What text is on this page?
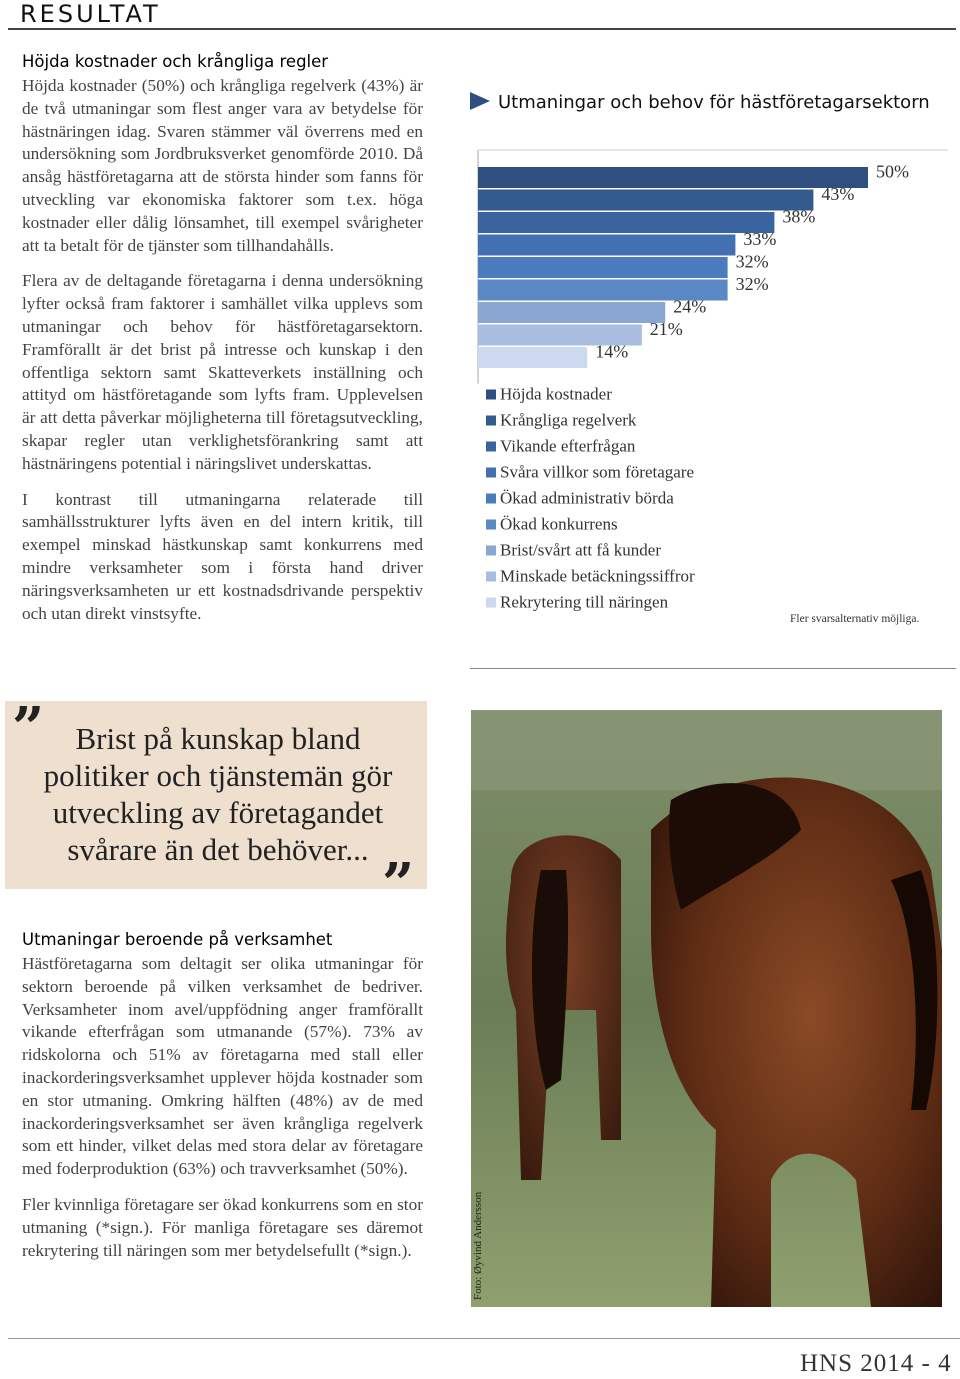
RESULTAT
Höjda kostnader och krångliga regler

Höjda kostnader (50%) och krångliga regelverk (43%) är de två utmaningar som flest anger vara av betydelse för hästnäringen idag. Svaren stämmer väl överrens med en undersökning som Jordbruksverket genomförde 2010. Då ansåg hästföretagarna att de största hinder som fanns för utveckling var ekonomiska faktorer som t.ex. höga kostnader eller dålig lönsamhet, till exempel svårigheter att ta betalt för de tjänster som tillhandahålls.

Flera av de deltagande företagarna i denna undersökning lyfter också fram faktorer i samhället vilka upplevs som utmaningar och behov för hästföretagarsektorn. Framförallt är det brist på intresse och kunskap i den offentliga sektorn samt Skatteverkets inställning och attityd om hästföretagande som lyfts fram. Upplevelsen är att detta påverkar möjligheterna till företagsutveckling, skapar regler utan verklighetsförankring samt att hästnäringens potential i näringslivet underskattas.

I kontrast till utmaningarna relaterade till samhällsstrukturer lyfts även en del intern kritik, till exempel minskad hästkunskap samt konkurrens med mindre verksamheter som i första hand driver näringsverksamheten ur ett kostnadsdrivande perspektiv och utan direkt vinstsyfte.

Utmaningar och behov för hästföretagarsektorn
50%
43%
38%
33%
32%
32%
24%
21%
14%
Höjda kostnader
Krångliga regelverk
Vikande efterfrågan
Svåra villkor som företagare
Ökad administrativ börda
Ökad konkurrens
Brist/svårt att få kunder
Minskade betäckningssiffror
Rekrytering till näringen
Fler svarsalternativ möjliga.
”	Brist på kunskap bland politiker och tjänstemän gör utveckling av företagandet svårare än det behöver...
”
Utmaningar beroende på verksamhet

Hästföretagarna som deltagit ser olika utmaningar för sektorn beroende på vilken verksamhet de bedriver. Verksamheter inom avel/uppfödning anger framförallt vikande efterfrågan som utmanande (57%). 73% av ridskolorna och 51% av företagarna med stall eller inackorderingsverksamhet upplever höjda kostnader som en stor utmaning. Omkring hälften (48%) av de med inackorderingsverksamhet ser även krångliga regelverk som ett hinder, vilket delas med stora delar av företagare med foderproduktion (63%) och travverksamhet (50%).

Fler kvinnliga företagare ser ökad konkurrens som en stor utmaning (*sign.). För manliga företagare ses däremot rekrytering till näringen som mer betydelsefullt (*sign.).	Foto: Øyvind Andersson
HNS 2014 - 4
